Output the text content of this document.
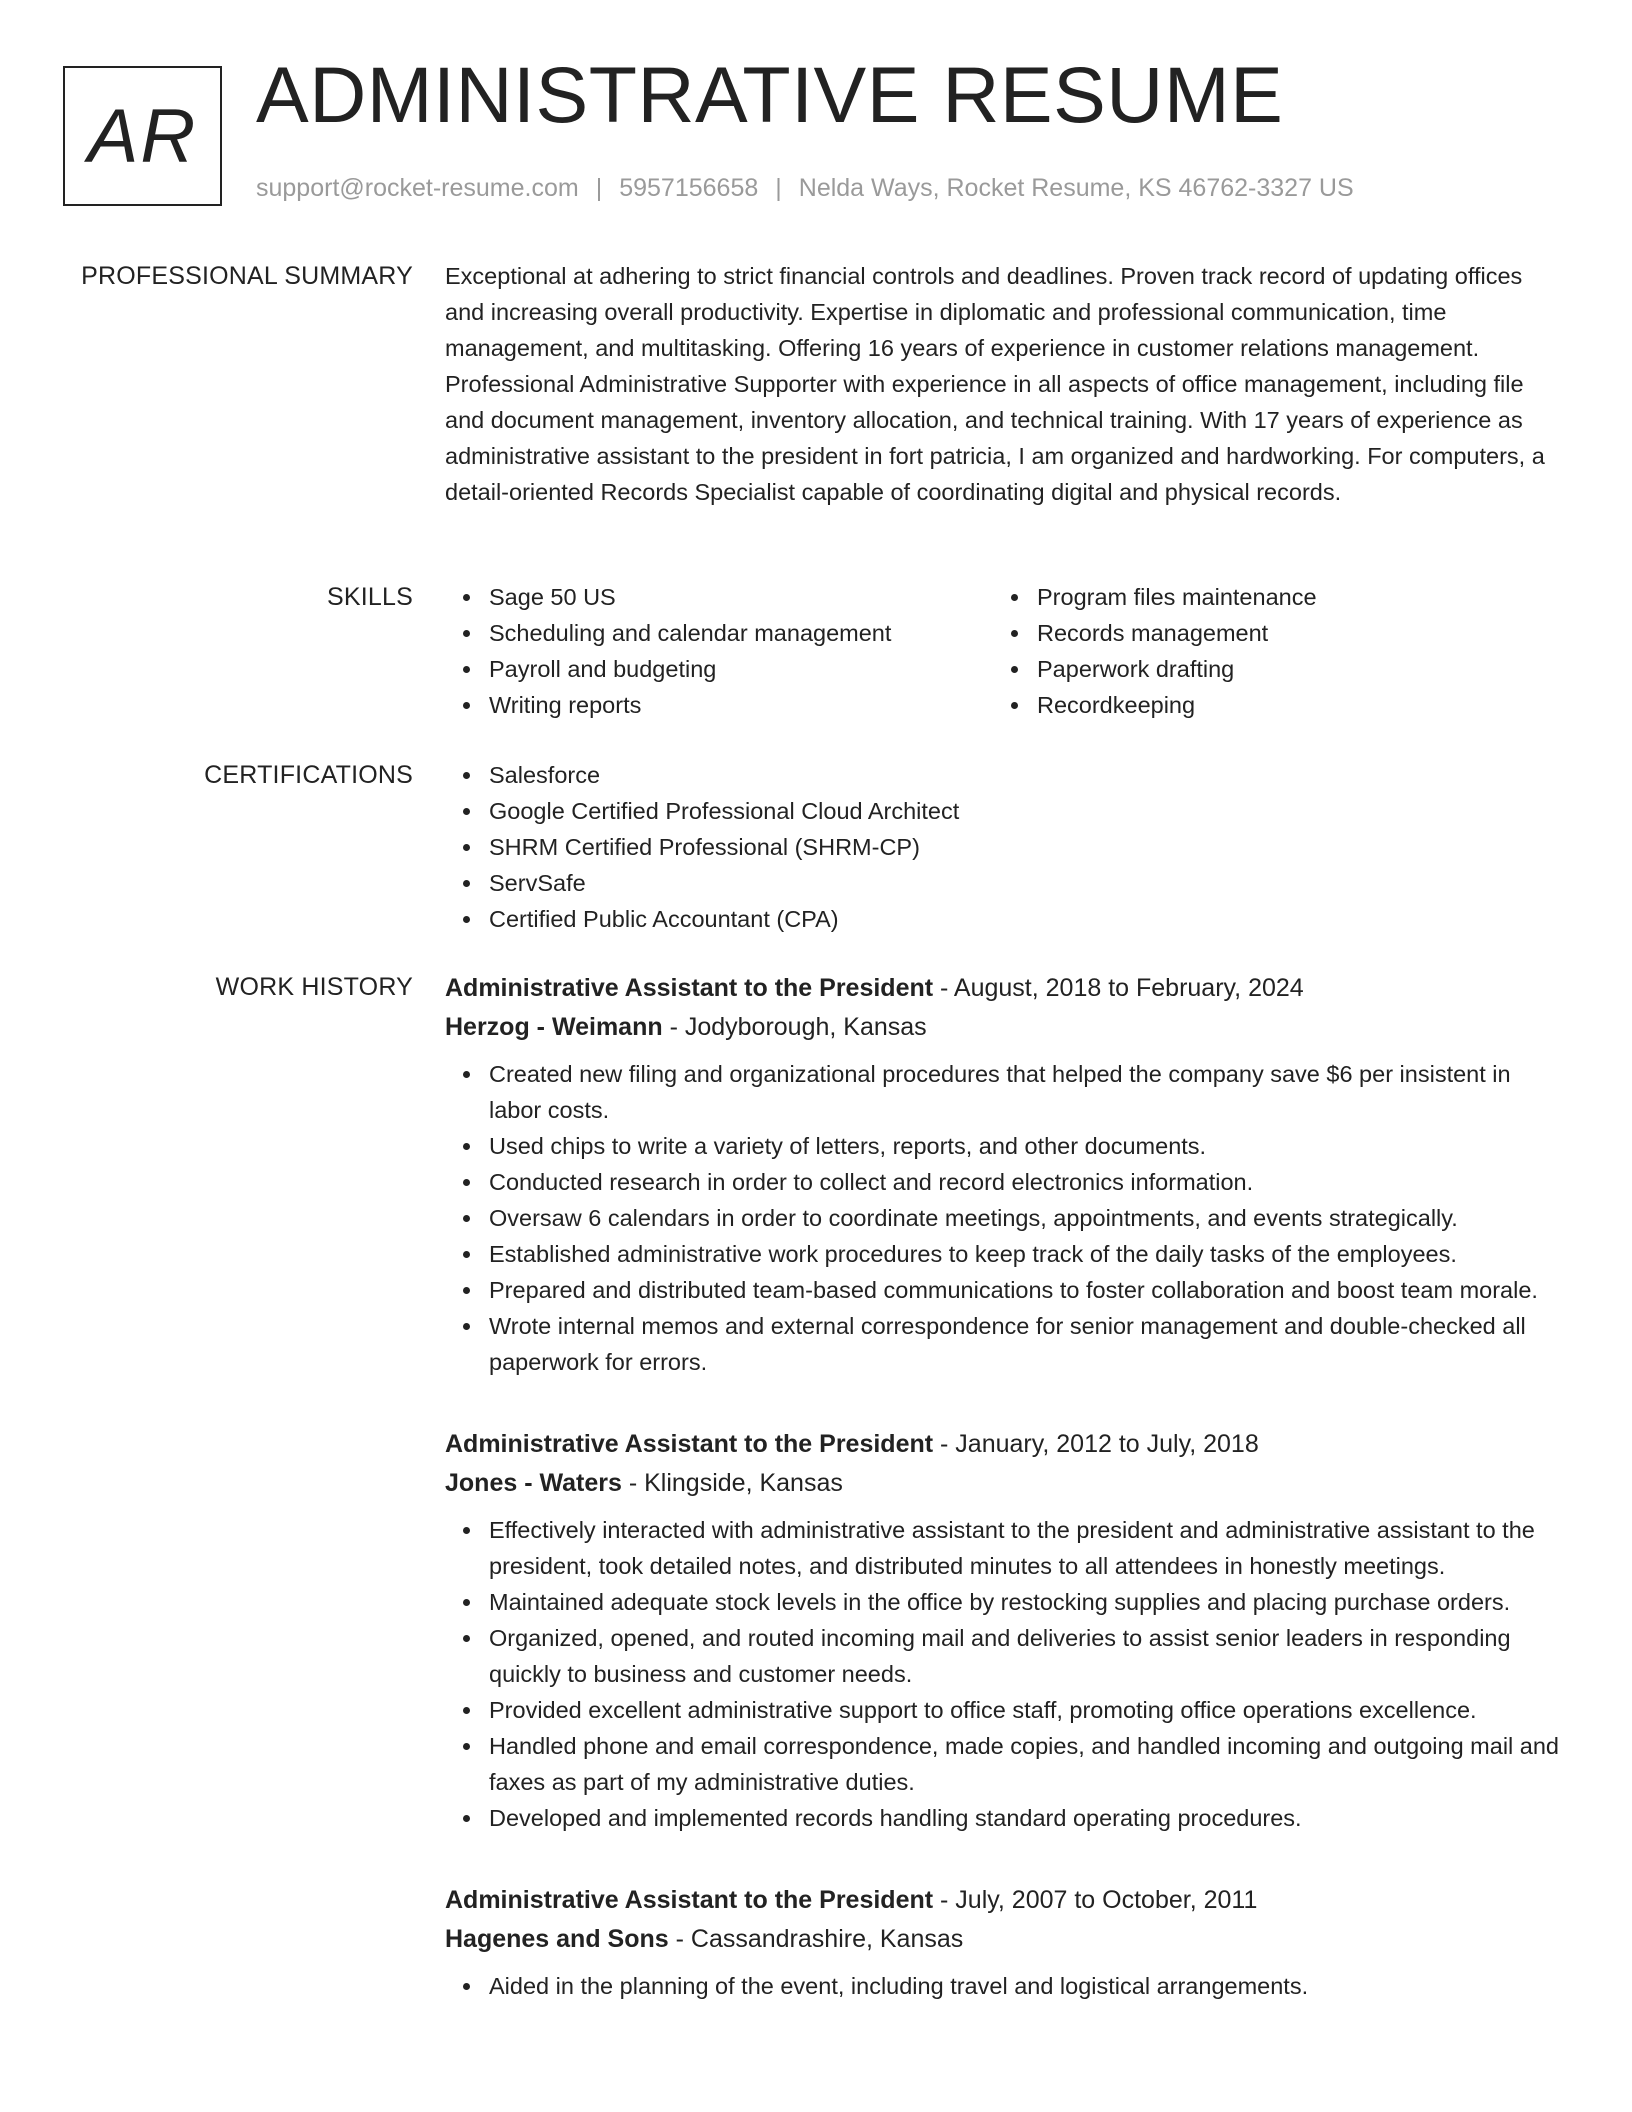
AR ADMINISTRATIVE RESUME
support@rocket-resume.com | 5957156658 | Nelda Ways, Rocket Resume, KS 46762-3327 US
PROFESSIONAL SUMMARY Exceptional at adhering to strict financial controls and deadlines. Proven track record of updating offices and increasing overall productivity. Expertise in diplomatic and professional communication, time management, and multitasking. Offering 16 years of experience in customer relations management. Professional Administrative Supporter with experience in all aspects of office management, including file and document management, inventory allocation, and technical training. With 17 years of experience as administrative assistant to the president in fort patricia, I am organized and hardworking. For computers, a detail-oriented Records Specialist capable of coordinating digital and physical records.
SKILLS	Sage 50 US
Scheduling and calendar management
Payroll and budgeting
Writing reports
Program files maintenance
Records management
Paperwork drafting
Recordkeeping
CERTIFICATIONS	Salesforce
Google Certified Professional Cloud Architect
SHRM Certified Professional (SHRM-CP)
ServSafe
Certified Public Accountant (CPA)
WORK HISTORY Administrative Assistant to the President - August, 2018 to February, 2024
Herzog - Weimann - Jodyborough, Kansas
Created new filing and organizational procedures that helped the company save $6 per insistent in labor costs.
Used chips to write a variety of letters, reports, and other documents.
Conducted research in order to collect and record electronics information.
Oversaw 6 calendars in order to coordinate meetings, appointments, and events strategically.
Established administrative work procedures to keep track of the daily tasks of the employees.
Prepared and distributed team-based communications to foster collaboration and boost team morale.
Wrote internal memos and external correspondence for senior management and double-checked all paperwork for errors.
Administrative Assistant to the President - January, 2012 to July, 2018
Jones - Waters - Klingside, Kansas
Effectively interacted with administrative assistant to the president and administrative assistant to the president, took detailed notes, and distributed minutes to all attendees in honestly meetings.
Maintained adequate stock levels in the office by restocking supplies and placing purchase orders.
Organized, opened, and routed incoming mail and deliveries to assist senior leaders in responding quickly to business and customer needs.
Provided excellent administrative support to office staff, promoting office operations excellence.
Handled phone and email correspondence, made copies, and handled incoming and outgoing mail and faxes as part of my administrative duties.
Developed and implemented records handling standard operating procedures.
Administrative Assistant to the President - July, 2007 to October, 2011
Hagenes and Sons - Cassandrashire, Kansas
Aided in the planning of the event, including travel and logistical arrangements.
